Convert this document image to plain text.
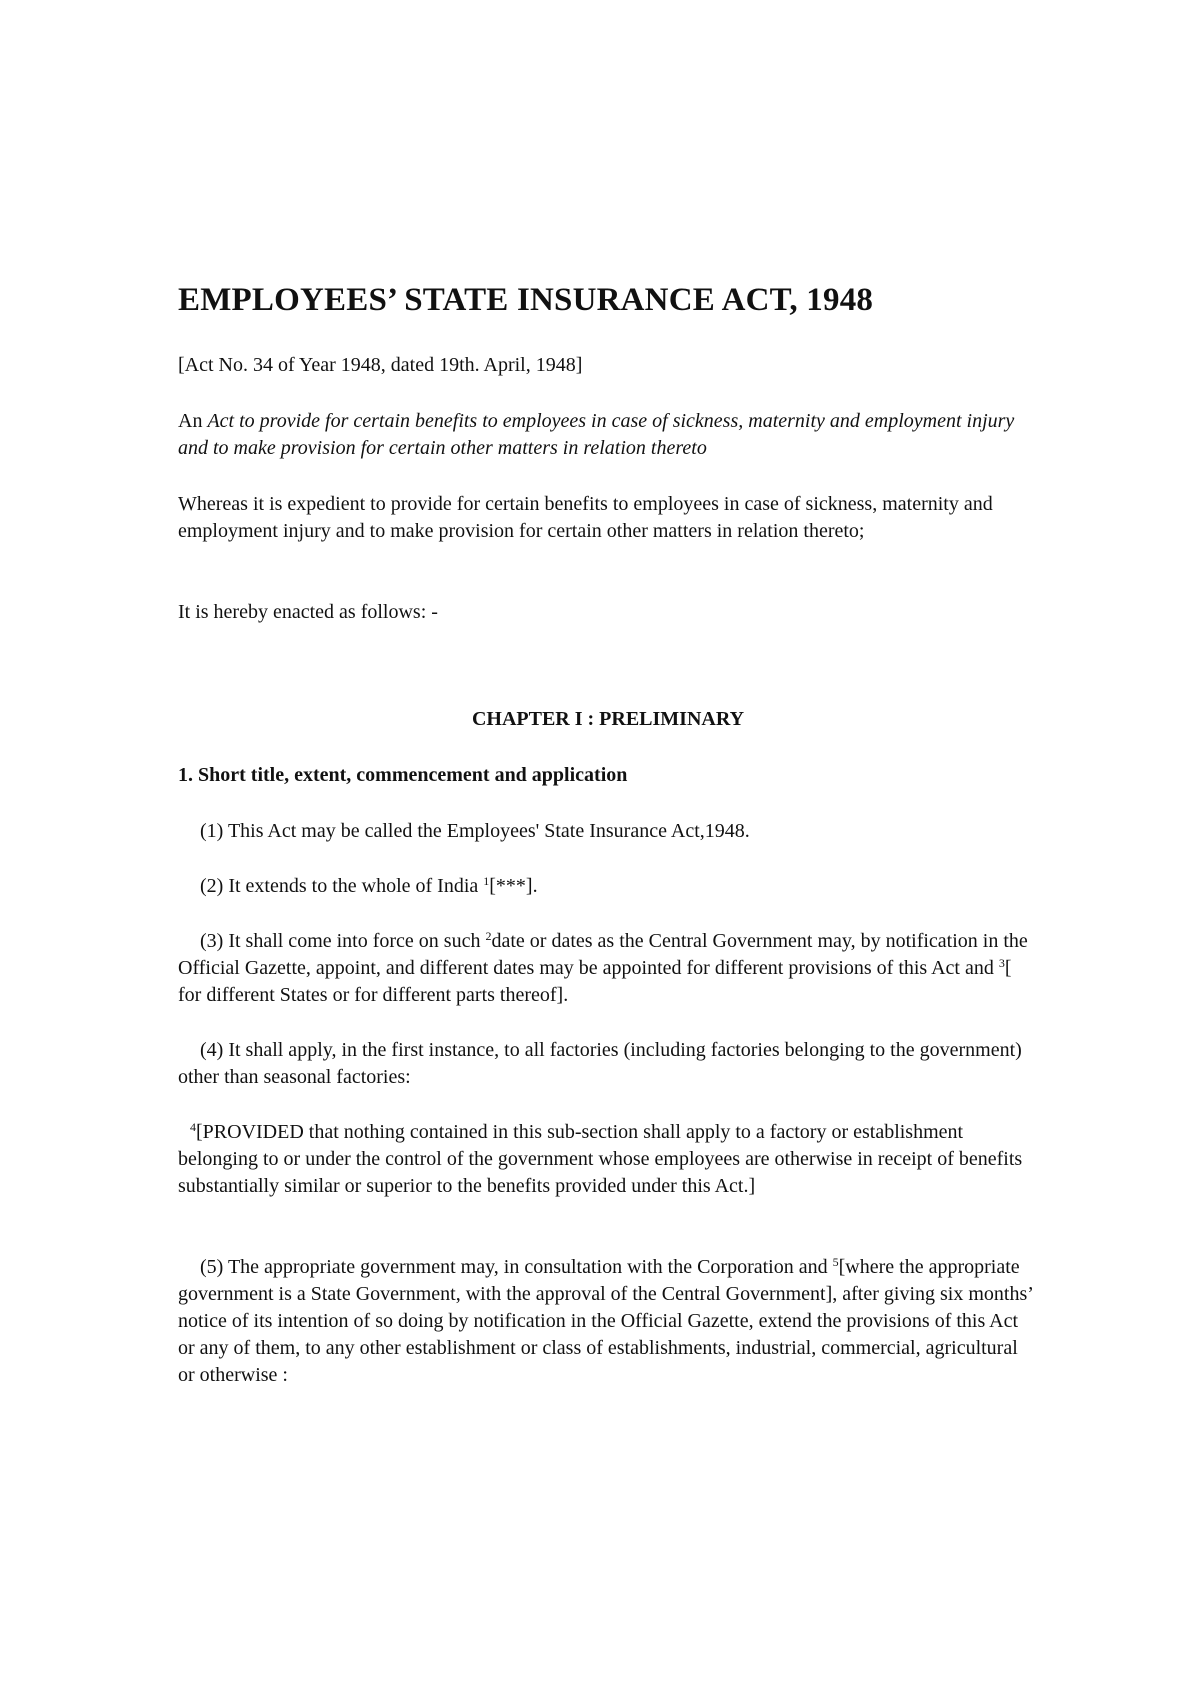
EMPLOYEES’ STATE INSURANCE ACT, 1948

[Act No. 34 of Year 1948, dated 19th. April, 1948]

An Act to provide for certain benefits to employees in case of sickness, maternity and employment injury and to make provision for certain other matters in relation thereto

Whereas it is expedient to provide for certain benefits to employees in case of sickness, maternity and employment injury and to make provision for certain other matters in relation thereto;

It is hereby enacted as follows: -

CHAPTER I : PRELIMINARY
1. Short title, extent, commencement and application

(1) This Act may be called the Employees' State Insurance Act,1948.

(2) It extends to the whole of India $^1$[***].

(3) It shall come into force on such $^2$date or dates as the Central Government may, by notification in the Official Gazette, appoint, and different dates may be appointed for different provisions of this Act and $^3$[ for different States or for different parts thereof].

(4) It shall apply, in the first instance, to all factories (including factories belonging to the government) other than seasonal factories:

$^4$[PROVIDED that nothing contained in this sub-section shall apply to a factory or establishment belonging to or under the control of the government whose employees are otherwise in receipt of benefits substantially similar or superior to the benefits provided under this Act.]

(5) The appropriate government may, in consultation with the Corporation and $^5$[where the appropriate government is a State Government, with the approval of the Central Government], after giving six months’ notice of its intention of so doing by notification in the Official Gazette, extend the provisions of this Act or any of them, to any other establishment or class of establishments, industrial, commercial, agricultural or otherwise :
